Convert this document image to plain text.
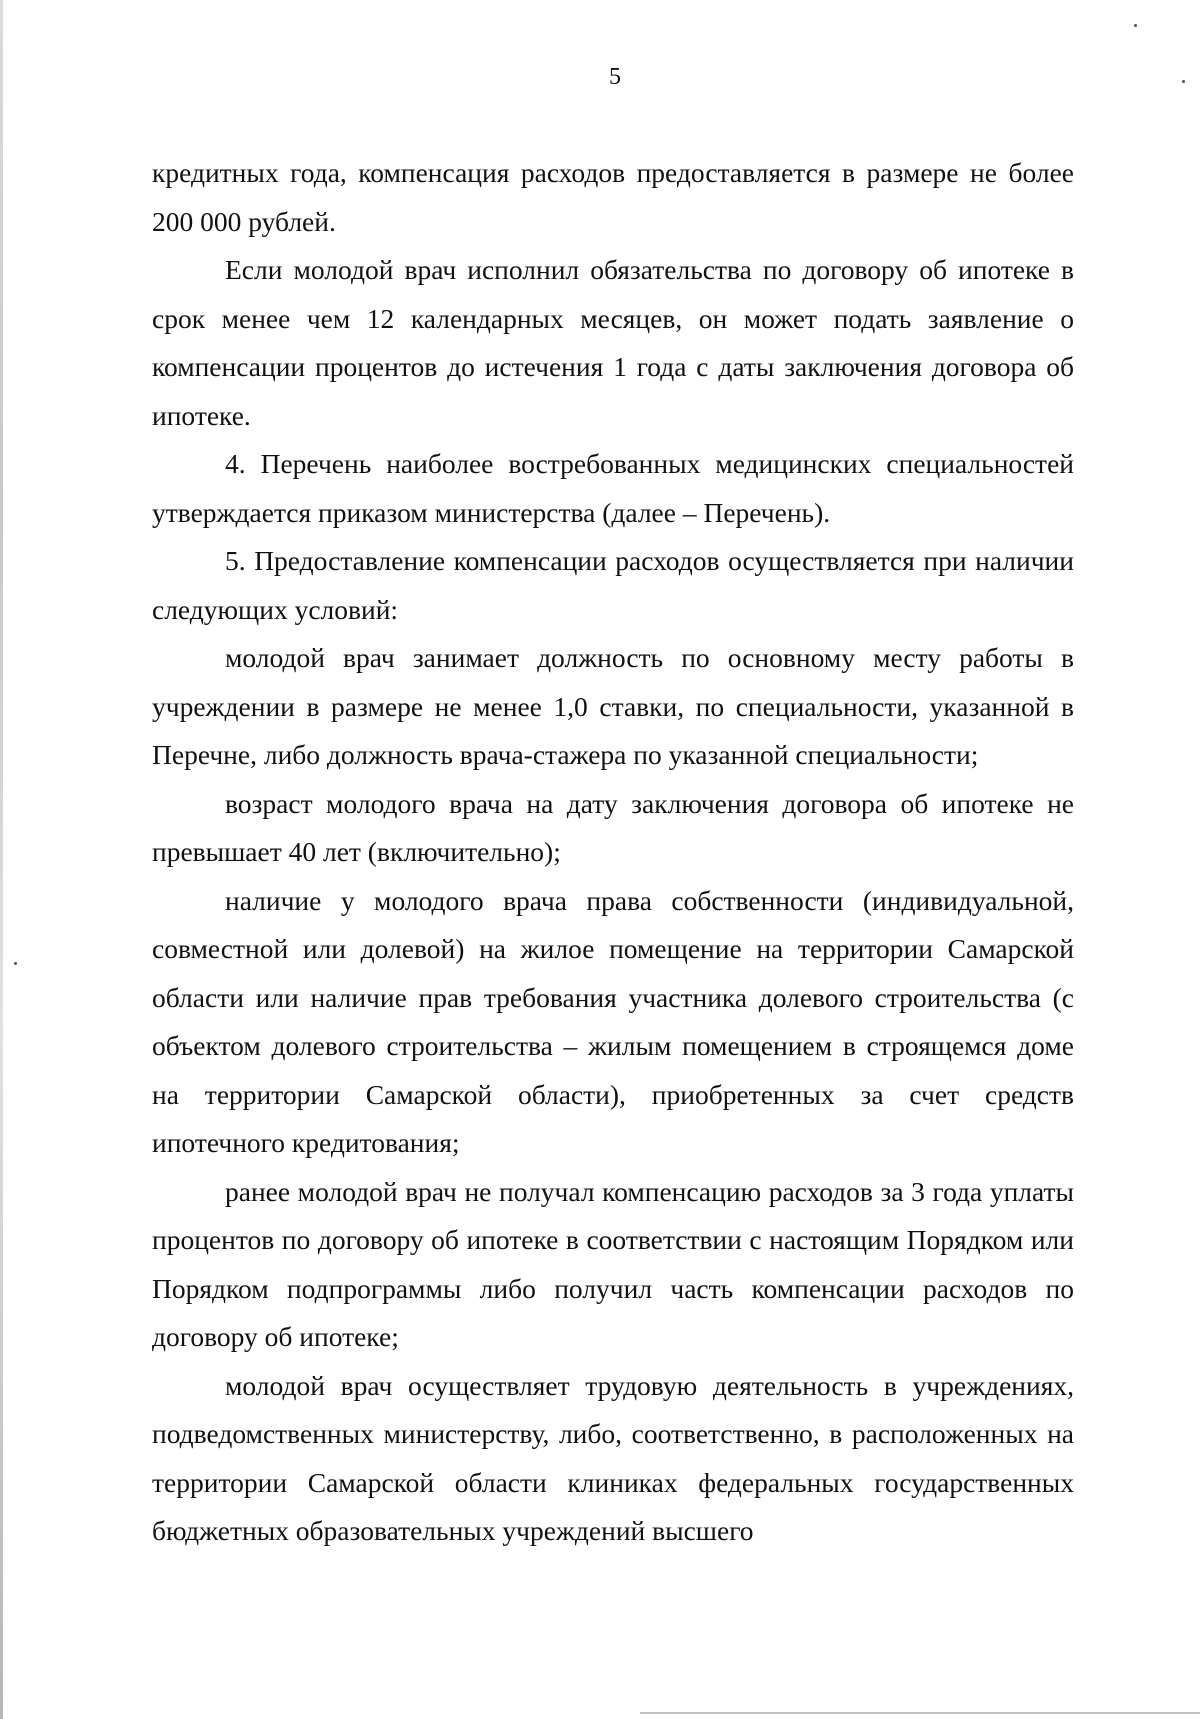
5

кредитных года, компенсация расходов предоставляется в размере не более 200 000 рублей.

Если молодой врач исполнил обязательства по договору об ипотеке в срок менее чем 12 календарных месяцев, он может подать заявление о компенсации процентов до истечения 1 года с даты заключения договора об ипотеке.

4. Перечень наиболее востребованных медицинских специальностей утверждается приказом министерства (далее – Перечень).

5. Предоставление компенсации расходов осуществляется при наличии следующих условий:

молодой врач занимает должность по основному месту работы в учреждении в размере не менее 1,0 ставки, по специальности, указанной в Перечне, либо должность врача-стажера по указанной специальности;

возраст молодого врача на дату заключения договора об ипотеке не превышает 40 лет (включительно);

наличие у молодого врача права собственности (индивидуальной, совместной или долевой) на жилое помещение на территории Самарской области или наличие прав требования участника долевого строительства (с объектом долевого строительства – жилым помещением в строящемся доме на территории Самарской области), приобретенных за счет средств ипотечного кредитования;

ранее молодой врач не получал компенсацию расходов за 3 года уплаты процентов по договору об ипотеке в соответствии с настоящим Порядком или Порядком подпрограммы либо получил часть компенсации расходов по договору об ипотеке;

молодой врач осуществляет трудовую деятельность в учреждениях, подведомственных министерству, либо, соответственно, в расположенных на территории Самарской области клиниках федеральных государственных бюджетных образовательных учреждений высшего
